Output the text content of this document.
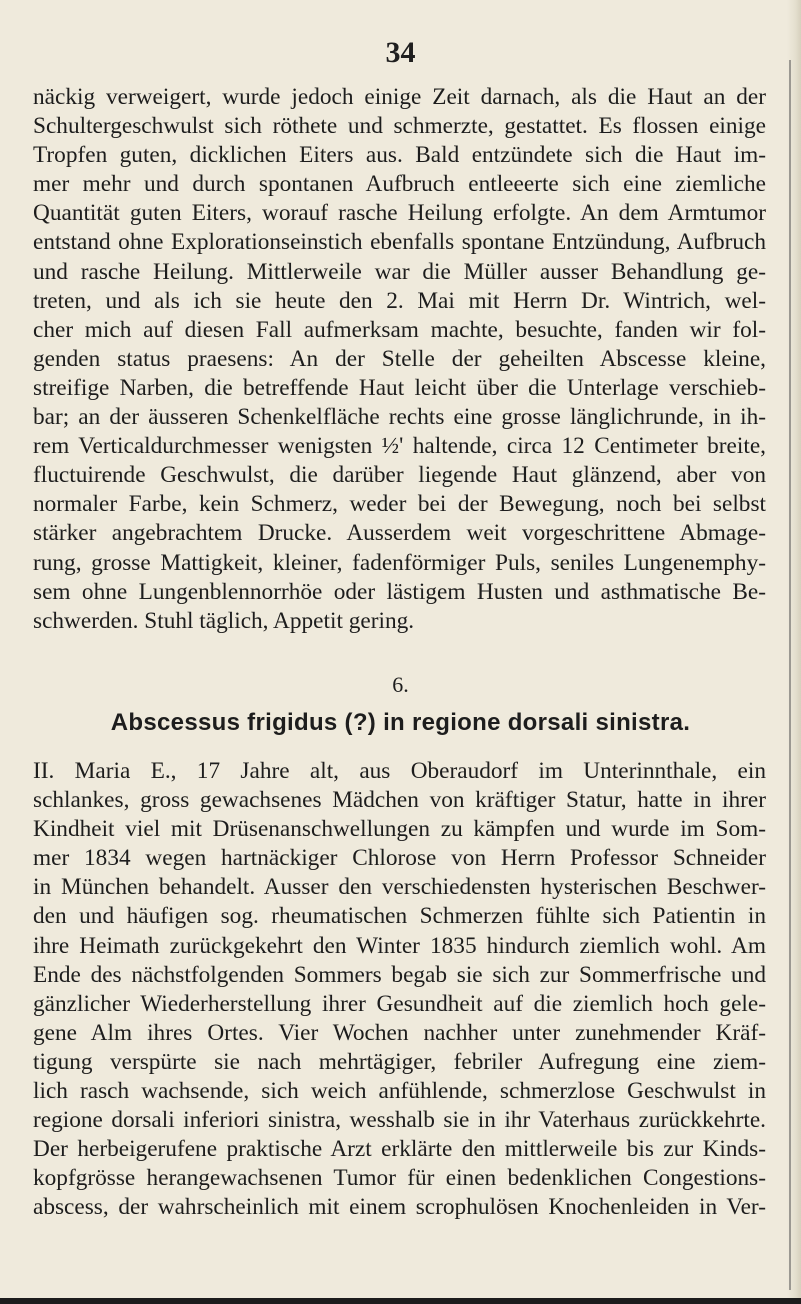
34
näckig verweigert, wurde jedoch einige Zeit darnach, als die Haut an der
Schultergeschwulst sich röthete und schmerzte, gestattet. Es flossen einige
Tropfen guten, dicklichen Eiters aus. Bald entzündete sich die Haut im-
mer mehr und durch spontanen Aufbruch entleeerte sich eine ziemliche
Quantität guten Eiters, worauf rasche Heilung erfolgte. An dem Armtumor
entstand ohne Explorationseinstich ebenfalls spontane Entzündung, Aufbruch
und rasche Heilung. Mittlerweile war die Müller ausser Behandlung ge-
treten, und als ich sie heute den 2. Mai mit Herrn Dr. Wintrich, wel-
cher mich auf diesen Fall aufmerksam machte, besuchte, fanden wir fol-
genden status praesens: An der Stelle der geheilten Abscesse kleine,
streifige Narben, die betreffende Haut leicht über die Unterlage verschieb-
bar; an der äusseren Schenkelfläche rechts eine grosse länglichrunde, in ih-
rem Verticaldurchmesser wenigsten ½' haltende, circa 12 Centimeter breite,
fluctuirende Geschwulst, die darüber liegende Haut glänzend, aber von
normaler Farbe, kein Schmerz, weder bei der Bewegung, noch bei selbst
stärker angebrachtem Drucke. Ausserdem weit vorgeschrittene Abmage-
rung, grosse Mattigkeit, kleiner, fadenförmiger Puls, seniles Lungenemphy-
sem ohne Lungenblennorrhöe oder lästigem Husten und asthmatische Be-
schwerden. Stuhl täglich, Appetit gering.
6.
Abscessus frigidus (?) in regione dorsali sinistra.
II. Maria E., 17 Jahre alt, aus Oberaudorf im Unterinnthale, ein
schlankes, gross gewachsenes Mädchen von kräftiger Statur, hatte in ihrer
Kindheit viel mit Drüsenanschwellungen zu kämpfen und wurde im Som-
mer 1834 wegen hartnäckiger Chlorose von Herrn Professor Schneider
in München behandelt. Ausser den verschiedensten hysterischen Beschwer-
den und häufigen sog. rheumatischen Schmerzen fühlte sich Patientin in
ihre Heimath zurückgekehrt den Winter 1835 hindurch ziemlich wohl. Am
Ende des nächstfolgenden Sommers begab sie sich zur Sommerfrische und
gänzlicher Wiederherstellung ihrer Gesundheit auf die ziemlich hoch gele-
gene Alm ihres Ortes. Vier Wochen nachher unter zunehmender Kräf-
tigung verspürte sie nach mehrtägiger, febriler Aufregung eine ziem-
lich rasch wachsende, sich weich anfühlende, schmerzlose Geschwulst in
regione dorsali inferiori sinistra, wesshalb sie in ihr Vaterhaus zurückkehrte.
Der herbeigerufene praktische Arzt erklärte den mittlerweile bis zur Kinds-
kopfgrösse herangewachsenen Tumor für einen bedenklichen Congestions-
abscess, der wahrscheinlich mit einem scrophulösen Knochenleiden in Ver-
